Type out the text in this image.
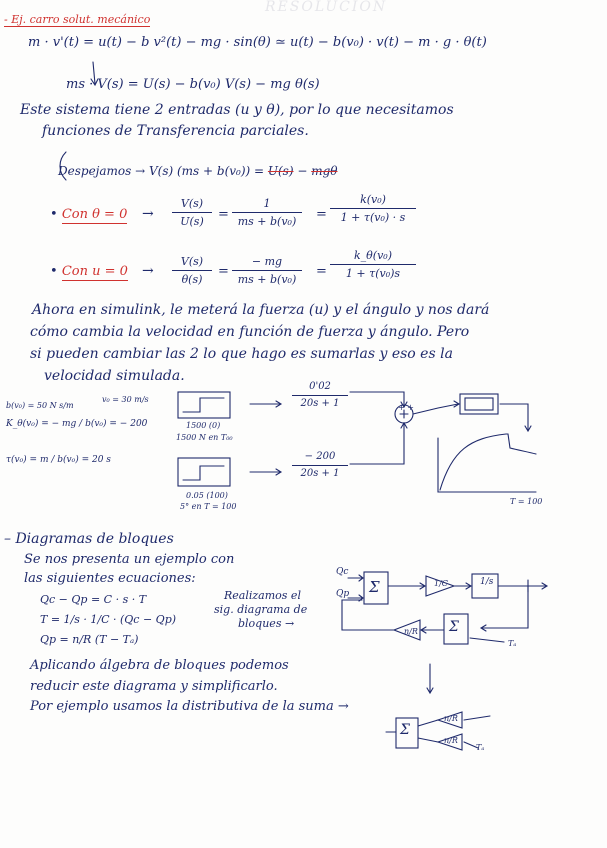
RESOLUCIÓN
- Ej. carro solut. mecánico
m · v'(t) = u(t) − b v²(t) − mg · sin(θ) ≃ u(t) − b(v₀) · v(t) − m · g · θ(t)
ms · V(s) = U(s) − b(v₀) V(s) − mg θ(s)
Este sistema tiene 2 entradas (u y θ), por lo que necesitamos
funciones de Transferencia parciales.
Despejamos → V(s) (ms + b(v₀)) = U(s) − mgθ
• Con θ = 0 →
V(s)
U(s)	=
1
ms + b(v₀)	=
k(v₀)
1 + τ(v₀) · s
• Con u = 0 →
V(s)
θ(s)
=
− mg
ms + b(v₀)
=
k_θ(v₀)
1 + τ(v₀)s
Ahora en simulink, le meterá la fuerza (u) y el ángulo y nos dará
cómo cambia la velocidad en función de fuerza y ángulo. Pero
si pueden cambiar las 2 lo que hago es sumarlas y eso es la
velocidad simulada.
b(v₀) = 50 N s/m
v₀ = 30 m/s
K_θ(v₀) = − mg / b(v₀) = − 200
τ(v₀) = m / b(v₀) = 20 s
1500 (0)
1500 N en T₀₀
0.05 (100)
5° en T = 100
0'02
20s + 1
− 200
20s + 1
+ +
T = 100
– Diagramas de bloques
Se nos presenta un ejemplo con
las siguientes ecuaciones:
Qc − Qp = C · s · T
T = 1/s · 1/C · (Qc − Qp)
Qp = n/R (T − Tₐ)
Realizamos el
sig. diagrama de
bloques →
Qc
Qp Σ	1/C	1/s
n/R Σ
Tₐ
Aplicando álgebra de bloques podemos
reducir este diagrama y simplificarlo.
Por ejemplo usamos la distributiva de la suma →
Σ
n/R
n/R
Tₐ
